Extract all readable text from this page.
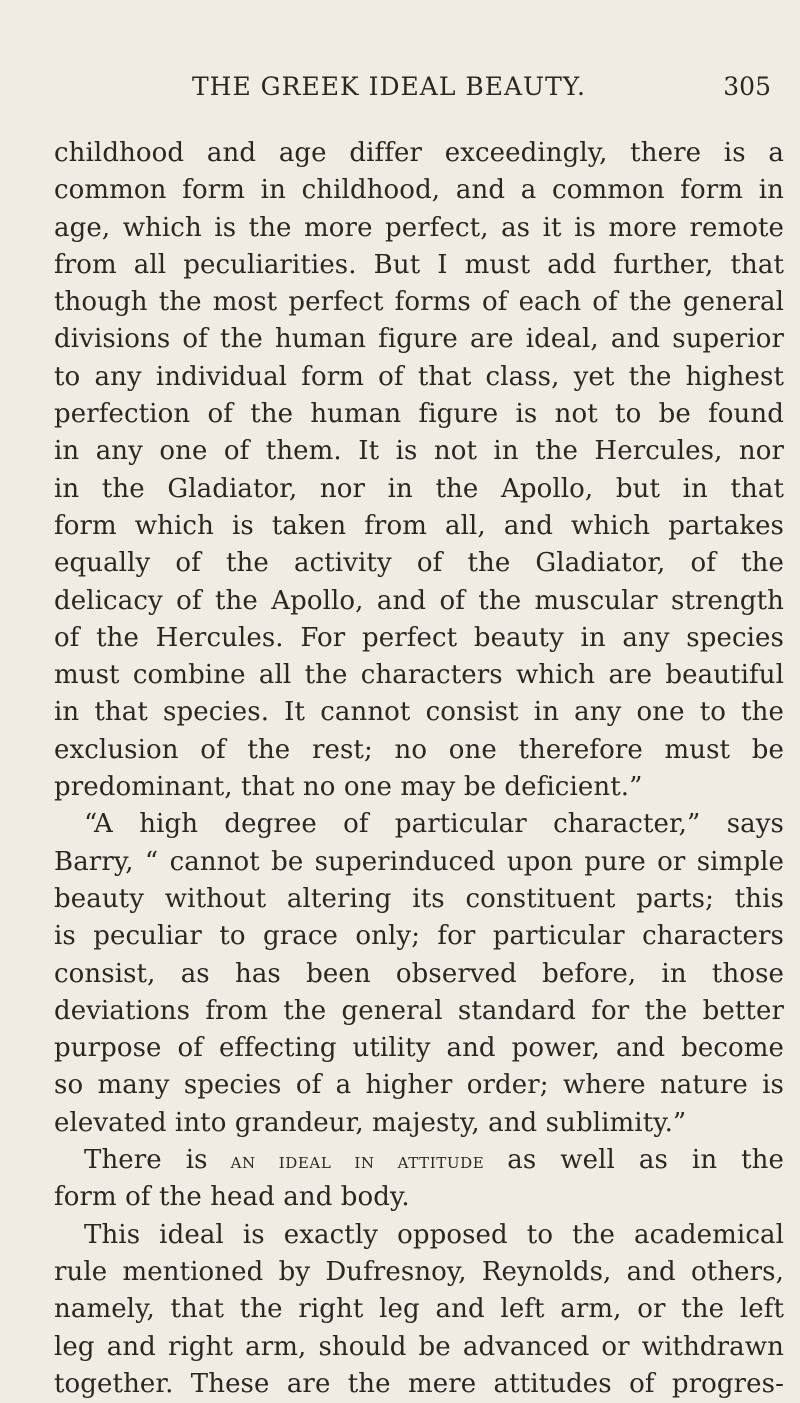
THE GREEK IDEAL BEAUTY.	305
childhood and age differ exceedingly, there is a
common form in childhood, and a common form in
age, which is the more perfect, as it is more remote
from all peculiarities. But I must add further, that
though the most perfect forms of each of the general
divisions of the human figure are ideal, and superior
to any individual form of that class, yet the highest
perfection of the human figure is not to be found
in any one of them. It is not in the Hercules, nor
in the Gladiator, nor in the Apollo, but in that
form which is taken from all, and which partakes
equally of the activity of the Gladiator, of the
delicacy of the Apollo, and of the muscular strength
of the Hercules. For perfect beauty in any species
must combine all the characters which are beautiful
in that species. It cannot consist in any one to the
exclusion of the rest; no one therefore must be
predominant, that no one may be deficient.”
“A high degree of particular character,” says
Barry, “ cannot be superinduced upon pure or simple
beauty without altering its constituent parts; this
is peculiar to grace only; for particular characters
consist, as has been observed before, in those
deviations from the general standard for the better
purpose of effecting utility and power, and become
so many species of a higher order; where nature is
elevated into grandeur, majesty, and sublimity.”
There is an ideal in attitude as well as in the
form of the head and body.
This ideal is exactly opposed to the academical
rule mentioned by Dufresnoy, Reynolds, and others,
namely, that the right leg and left arm, or the left
leg and right arm, should be advanced or withdrawn
together. These are the mere attitudes of progres-
